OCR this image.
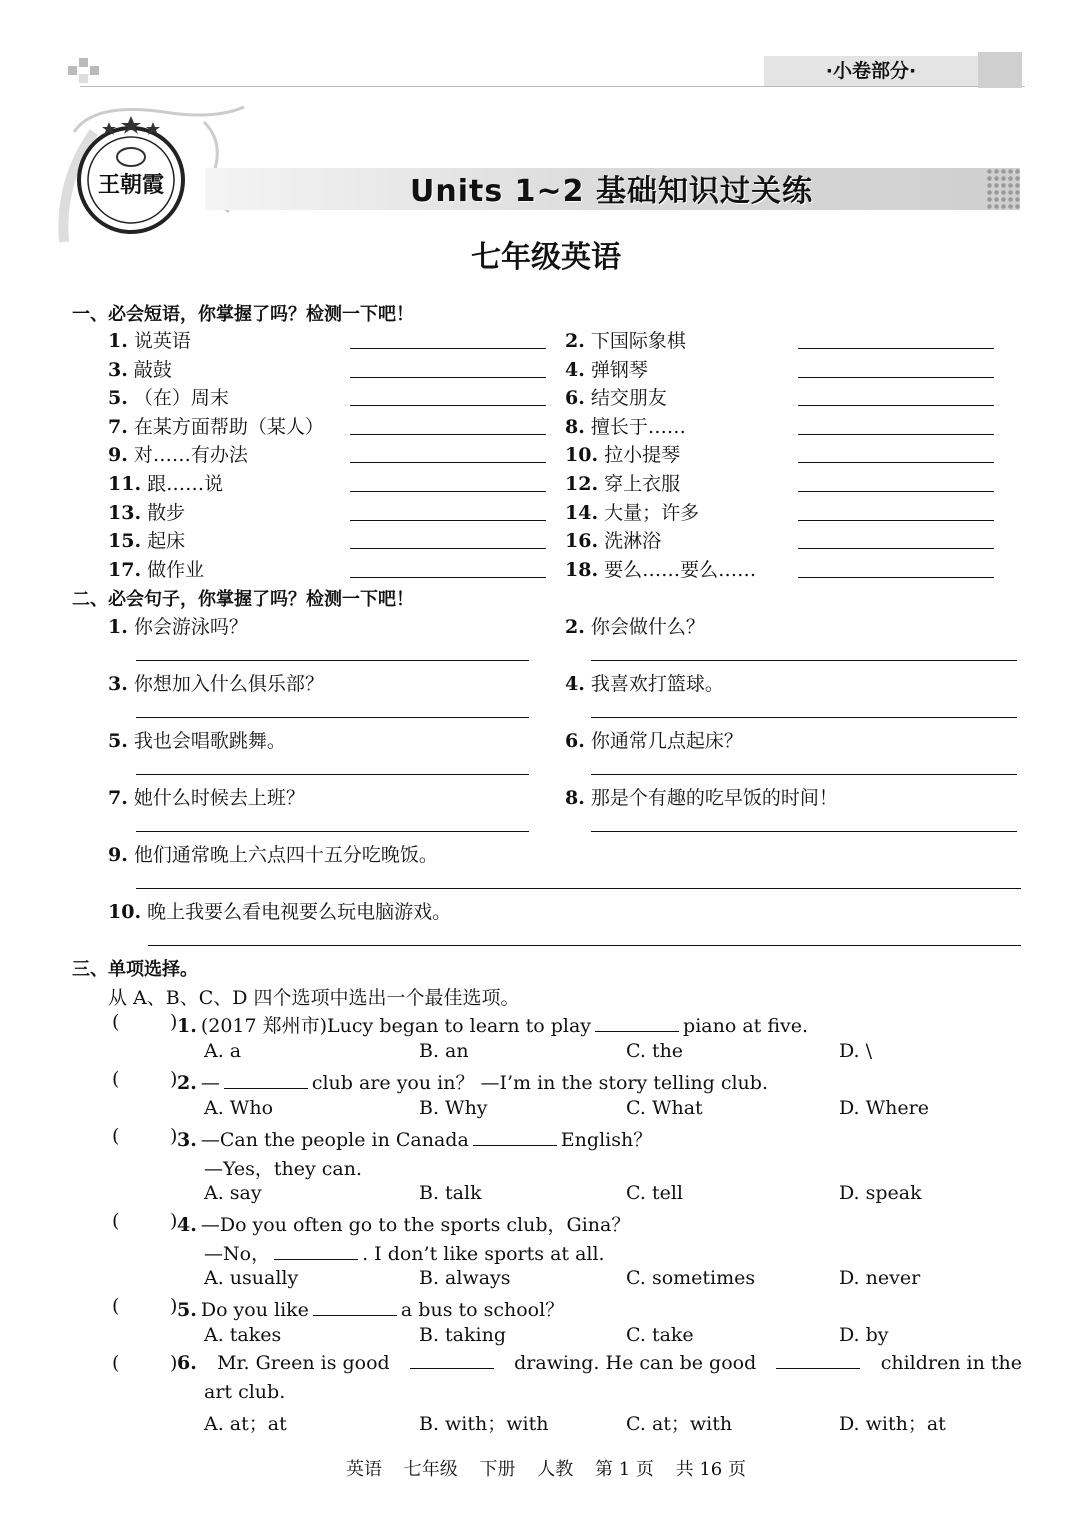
·小卷部分·
王朝霞	Units 1~2 基础知识过关练
七年级英语
一、必会短语，你掌握了吗？检测一下吧！
1. 说英语	2. 下国际象棋
3. 敲鼓	4. 弹钢琴
5. （在）周末	6. 结交朋友
7. 在某方面帮助（某人）	8. 擅长于……
9. 对……有办法	10. 拉小提琴
11. 跟……说	12. 穿上衣服
13. 散步	14. 大量；许多
15. 起床	16. 洗淋浴
17. 做作业	18. 要么……要么……
二、必会句子，你掌握了吗？检测一下吧！
1. 你会游泳吗？	2. 你会做什么？
3. 你想加入什么俱乐部？	4. 我喜欢打篮球。
5. 我也会唱歌跳舞。	6. 你通常几点起床？
7. 她什么时候去上班？	8. 那是个有趣的吃早饭的时间！
9. 他们通常晚上六点四十五分吃晚饭。
10. 晚上我要么看电视要么玩电脑游戏。
三、单项选择。
从 A、B、C、D 四个选项中选出一个最佳选项。
(	) 1. (2017 郑州市)Lucy began to learn to play	piano at five.
A. a	B. an	C. the	D. \
(	) 2. —	club are you in？ —I’m in the story telling club.
A. Who	B. Why	C. What	D. Where
(	) 3. —Can the people in Canada	English？
—Yes，they can.
A. say	B. talk	C. tell	D. speak
(	) 4. —Do you often go to the sports club，Gina？
—No，	. I don’t like sports at all.
A. usually	B. always	C. sometimes	D. never
(	) 5. Do you like	a bus to school？
A. takes	B. taking	C. take	D. by
(	) 6. Mr. Green is good	drawing. He can be good	children in the
art club.
A. at；at	B. with；with	C. at；with	D. with；at
英语 七年级 下册 人教 第 1 页 共 16 页
